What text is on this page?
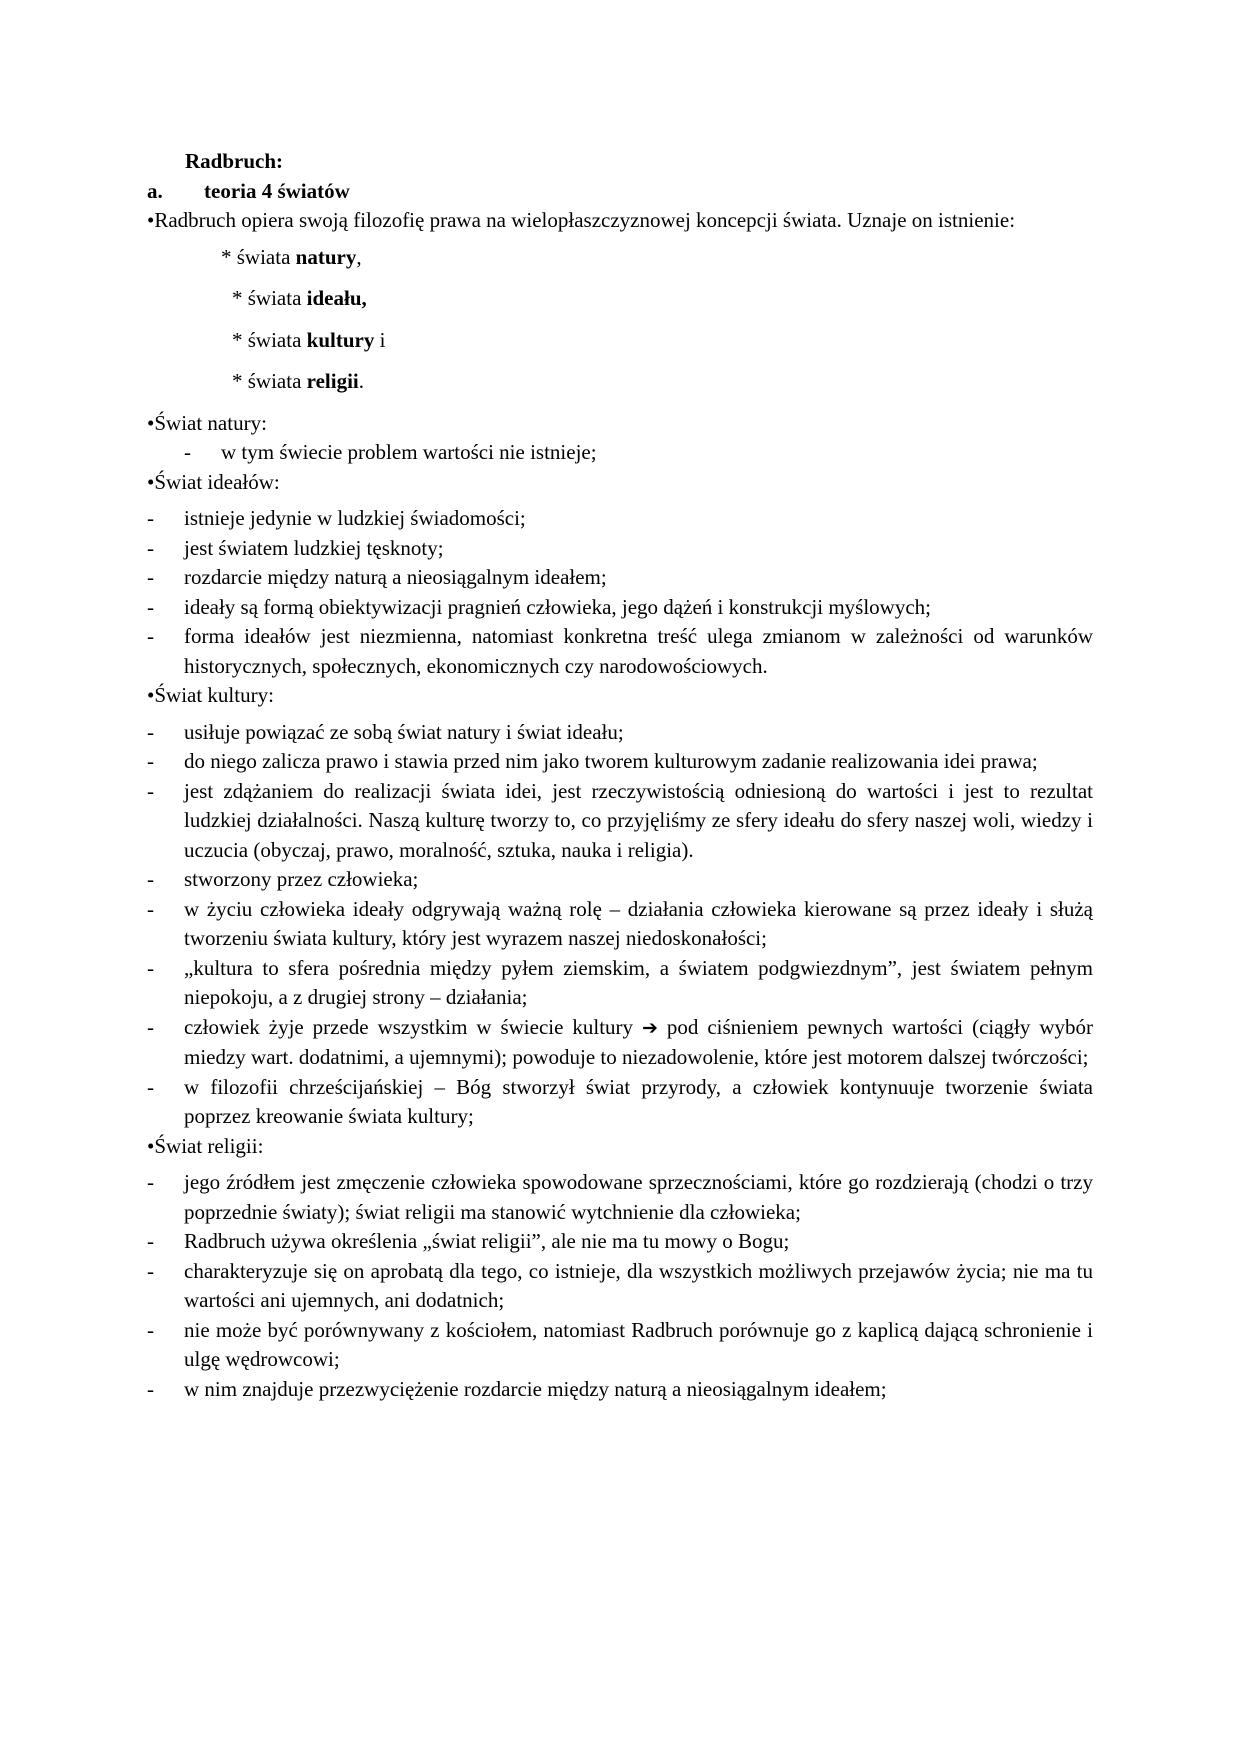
Radbruch:

a.	teoria 4 światów

•Radbruch opiera swoją filozofię prawa na wielopłaszczyznowej koncepcji świata. Uznaje on istnienie:

* świata natury,

* świata ideału,

* świata kultury i

* świata religii.

•Świat natury:

- w tym świecie problem wartości nie istnieje;

•Świat ideałów:

- istnieje jedynie w ludzkiej świadomości;
- jest światem ludzkiej tęsknoty;
- rozdarcie między naturą a nieosiągalnym ideałem;
- ideały są formą obiektywizacji pragnień człowieka, jego dążeń i konstrukcji myślowych;
- forma ideałów jest niezmienna, natomiast konkretna treść ulega zmianom w zależności od warunków historycznych, społecznych, ekonomicznych czy narodowościowych.

•Świat kultury:

- usiłuje powiązać ze sobą świat natury i świat ideału;
- do niego zalicza prawo i stawia przed nim jako tworem kulturowym zadanie realizowania idei prawa;
- jest zdążaniem do realizacji świata idei, jest rzeczywistością odniesioną do wartości i jest to rezultat ludzkiej działalności. Naszą kulturę tworzy to, co przyjęliśmy ze sfery ideału do sfery naszej woli, wiedzy i uczucia (obyczaj, prawo, moralność, sztuka, nauka i religia).
- stworzony przez człowieka;
- w życiu człowieka ideały odgrywają ważną rolę – działania człowieka kierowane są przez ideały i służą tworzeniu świata kultury, który jest wyrazem naszej niedoskonałości;
- „kultura to sfera pośrednia między pyłem ziemskim, a światem podgwiezdnym”, jest światem pełnym niepokoju, a z drugiej strony – działania;
- człowiek żyje przede wszystkim w świecie kultury ➔ pod ciśnieniem pewnych wartości (ciągły wybór miedzy wart. dodatnimi, a ujemnymi); powoduje to niezadowolenie, które jest motorem dalszej twórczości;
- w filozofii chrześcijańskiej – Bóg stworzył świat przyrody, a człowiek kontynuuje tworzenie świata poprzez kreowanie świata kultury;

•Świat religii:

- jego źródłem jest zmęczenie człowieka spowodowane sprzecznościami, które go rozdzierają (chodzi o trzy poprzednie światy); świat religii ma stanowić wytchnienie dla człowieka;
- Radbruch używa określenia „świat religii”, ale nie ma tu mowy o Bogu;
- charakteryzuje się on aprobatą dla tego, co istnieje, dla wszystkich możliwych przejawów życia; nie ma tu wartości ani ujemnych, ani dodatnich;
- nie może być porównywany z kościołem, natomiast Radbruch porównuje go z kaplicą dającą schronienie i ulgę wędrowcowi;
- w nim znajduje przezwyciężenie rozdarcie między naturą a nieosiągalnym ideałem;
